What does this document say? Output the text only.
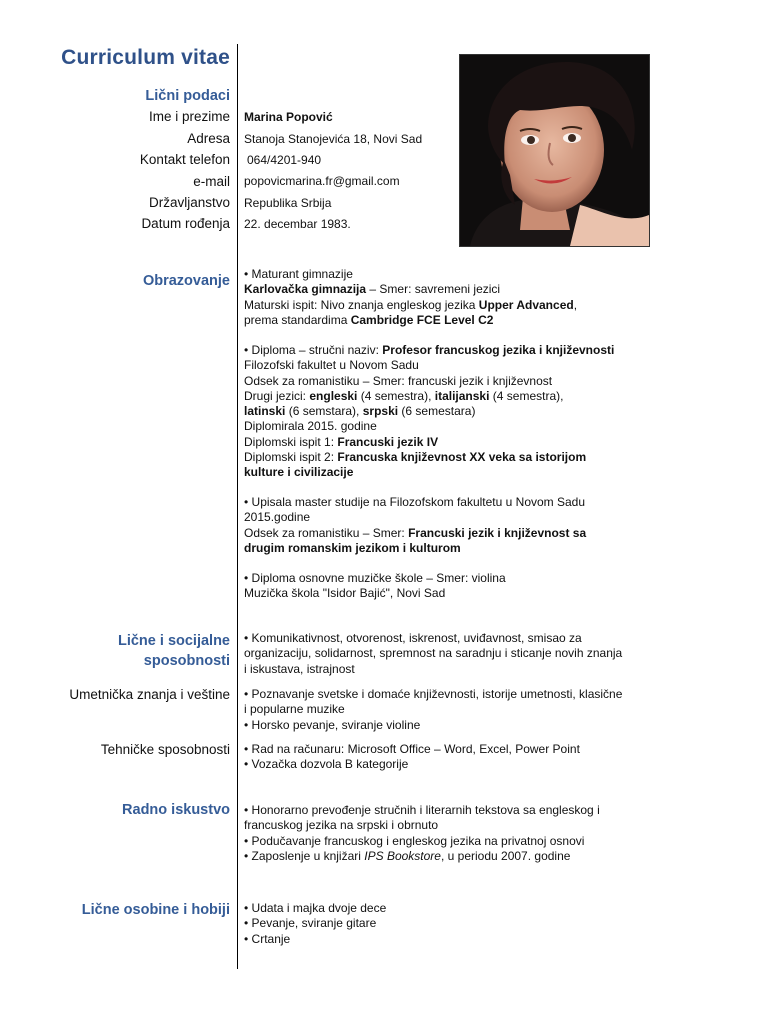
Curriculum vitae
Lični podaci
Ime i prezime Marina Popović
Adresa Stanoja Stanojevića 18, Novi Sad
Kontakt telefon 064/4201-940
e-mail popovicmarina.fr@gmail.com
Državljanstvo Republika Srbija
Datum rođenja 22. decembar 1983.
Obrazovanje • Maturant gimnazije
Karlovačka gimnazija – Smer: savremeni jezici
Maturski ispit: Nivo znanja engleskog jezika Upper Advanced,
prema standardima Cambridge FCE Level C2
• Diploma – stručni naziv: Profesor francuskog jezika i književnosti
Filozofski fakultet u Novom Sadu
Odsek za romanistiku – Smer: francuski jezik i književnost
Drugi jezici: engleski (4 semestra), italijanski (4 semestra),
latinski (6 semstara), srpski (6 semestara)
Diplomirala 2015. godine
Diplomski ispit 1: Francuski jezik IV
Diplomski ispit 2: Francuska književnost XX veka sa istorijom
kulture i civilizacije
• Upisala master studije na Filozofskom fakultetu u Novom Sadu
2015.godine
Odsek za romanistiku – Smer: Francuski jezik i književnost sa
drugim romanskim jezikom i kulturom
• Diploma osnovne muzičke škole – Smer: violina
Muzička škola "Isidor Bajić", Novi Sad
Lične i socijalne
sposobnosti
• Komunikativnost, otvorenost, iskrenost, uviđavnost, smisao za organizaciju, solidarnost, spremnost na saradnju i sticanje novih znanja i iskustava, istrajnost
Umetnička znanja i veštine • Poznavanje svetske i domaće književnosti, istorije umetnosti, klasične i popularne muzike
• Horsko pevanje, sviranje violine
Tehničke sposobnosti • Rad na računaru: Microsoft Office – Word, Excel, Power Point
• Vozačka dozvola B kategorije
Radno iskustvo • Honorarno prevođenje stručnih i literarnih tekstova sa engleskog i francuskog jezika na srpski i obrnuto
• Podučavanje francuskog i engleskog jezika na privatnoj osnovi
• Zaposlenje u knjižari IPS Bookstore, u periodu 2007. godine
Lične osobine i hobiji • Udata i majka dvoje dece
• Pevanje, sviranje gitare
• Crtanje
